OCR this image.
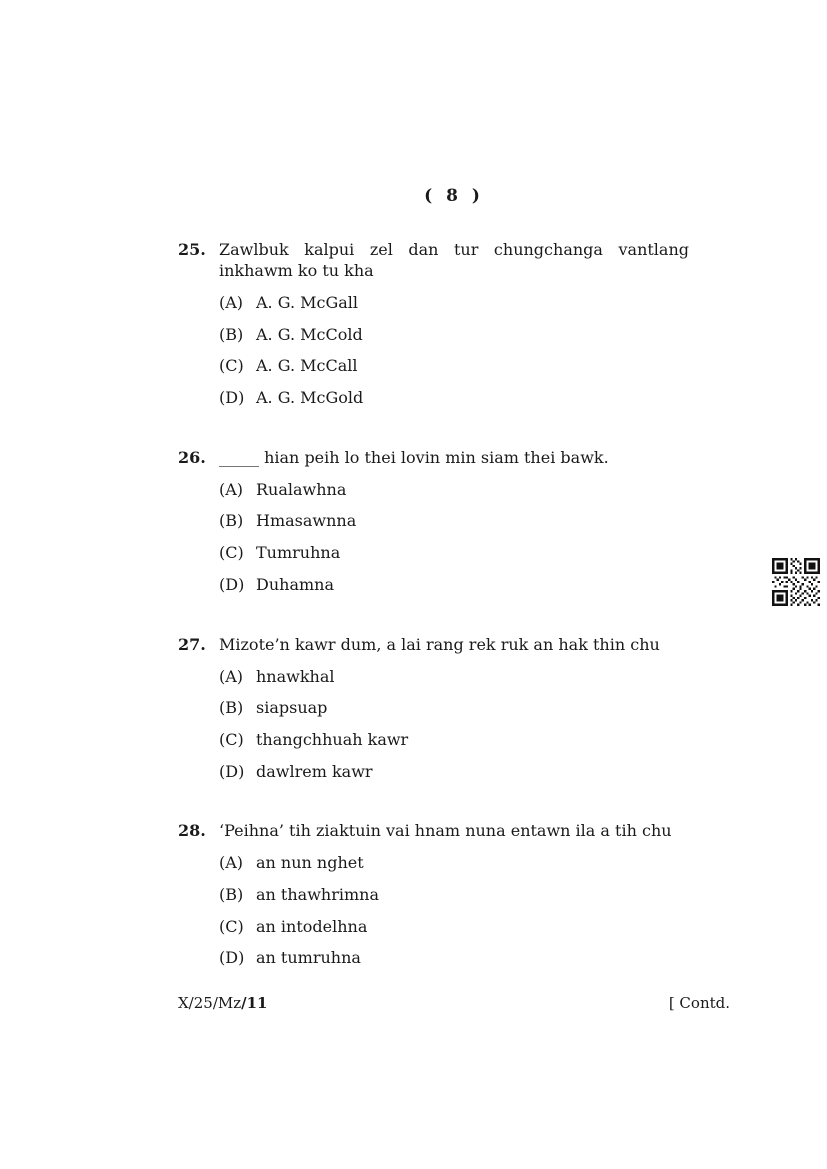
( 8 )
25. Zawlbuk kalpui zel dan tur chungchanga vantlang
inkhawm ko tu kha
(A) A. G. McGall
(B) A. G. McCold
(C) A. G. McCall
(D) A. G. McGold
26. _____ hian peih lo thei lovin min siam thei bawk.
(A) Rualawhna
(B) Hmasawnna
(C) Tumruhna
(D) Duhamna
27. Mizote’n kawr dum, a lai rang rek ruk an hak thin chu
(A) hnawkhal
(B) siapsuap
(C) thangchhuah kawr
(D) dawlrem kawr
28. ‘Peihna’ tih ziaktuin vai hnam nuna entawn ila a tih chu
(A) an nun nghet
(B) an thawhrimna
(C) an intodelhna
(D) an tumruhna
X/25/Mz/11	[ Contd.
